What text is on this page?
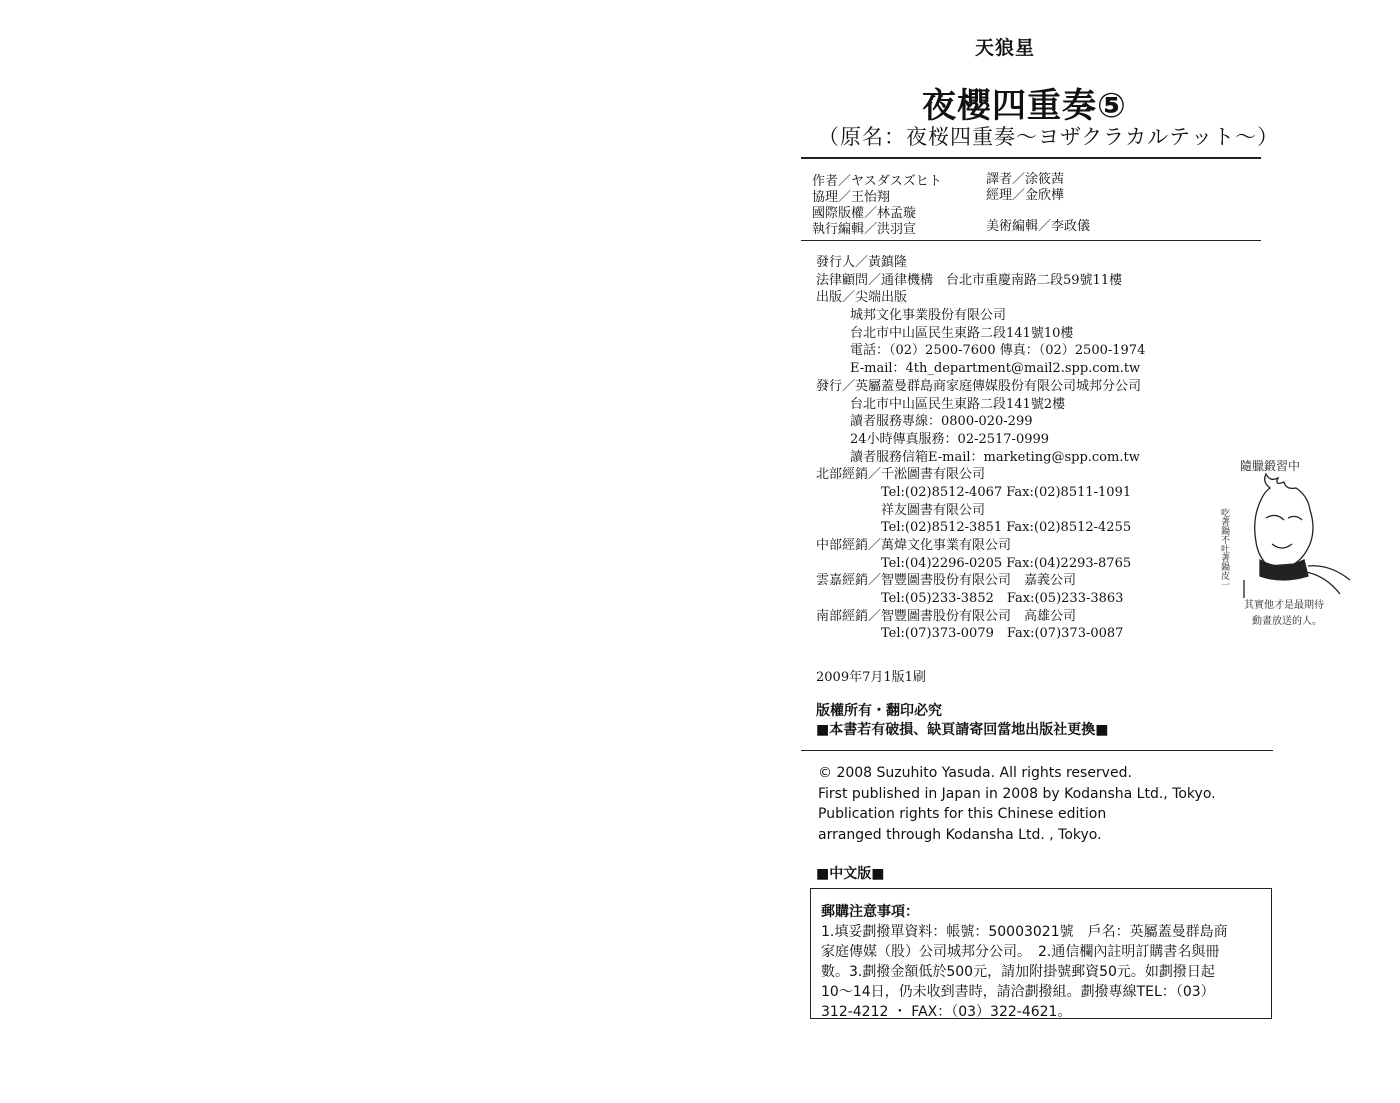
天狼星
夜櫻四重奏⑤
（原名：夜桜四重奏〜ヨザクラカルテット〜）
作者／ヤスダスズヒト
協理／王怡翔
國際版權／林孟璇
執行編輯／洪羽宣
譯者／涂筱茜
經理／金欣樺
美術編輯／李政儀
發行人／黃鎮隆
法律顧問／通律機構　台北市重慶南路二段59號11樓
出版／尖端出版
城邦文化事業股份有限公司
台北市中山區民生東路二段141號10樓
電話：（02）2500-7600 傳真：（02）2500-1974
E-mail：4th_department@mail2.spp.com.tw
發行／英屬蓋曼群島商家庭傳媒股份有限公司城邦分公司
台北市中山區民生東路二段141號2樓
讀者服務專線：0800-020-299
24小時傳真服務：02-2517-0999
讀者服務信箱E-mail：marketing@spp.com.tw
北部經銷／千淞圖書有限公司
Tel:(02)8512-4067 Fax:(02)8511-1091
祥友圖書有限公司
Tel:(02)8512-3851 Fax:(02)8512-4255
中部經銷／萬煒文化事業有限公司
Tel:(04)2296-0205 Fax:(04)2293-8765
雲嘉經銷／智豐圖書股份有限公司　嘉義公司
Tel:(05)233-3852　Fax:(05)233-3863
南部經銷／智豐圖書股份有限公司　高雄公司
Tel:(07)373-0079　Fax:(07)373-0087
2009年7月1版1刷
版權所有・翻印必究
■本書若有破損、缺頁請寄回當地出版社更換■
© 2008 Suzuhito Yasuda. All rights reserved.
First published in Japan in 2008 by Kodansha Ltd., Tokyo.
Publication rights for this Chinese edition
arranged through Kodansha Ltd. , Tokyo.
■中文版■
郵購注意事項：
1.填妥劃撥單資料：帳號：50003021號　戶名：英屬蓋曼群島商
家庭傳媒（股）公司城邦分公司。　2.通信欄內註明訂購書名與冊
數。3.劃撥金額低於500元，請加附掛號郵資50元。如劃撥日起
10〜14日，仍未收到書時，請洽劃撥組。劃撥專線TEL：（03）
312-4212 ・ FAX：（03）322-4621。
隨臘鍛習中
吃著鍋不吐著鍋皮一
其實他才是最期待
動畫放送的人。
